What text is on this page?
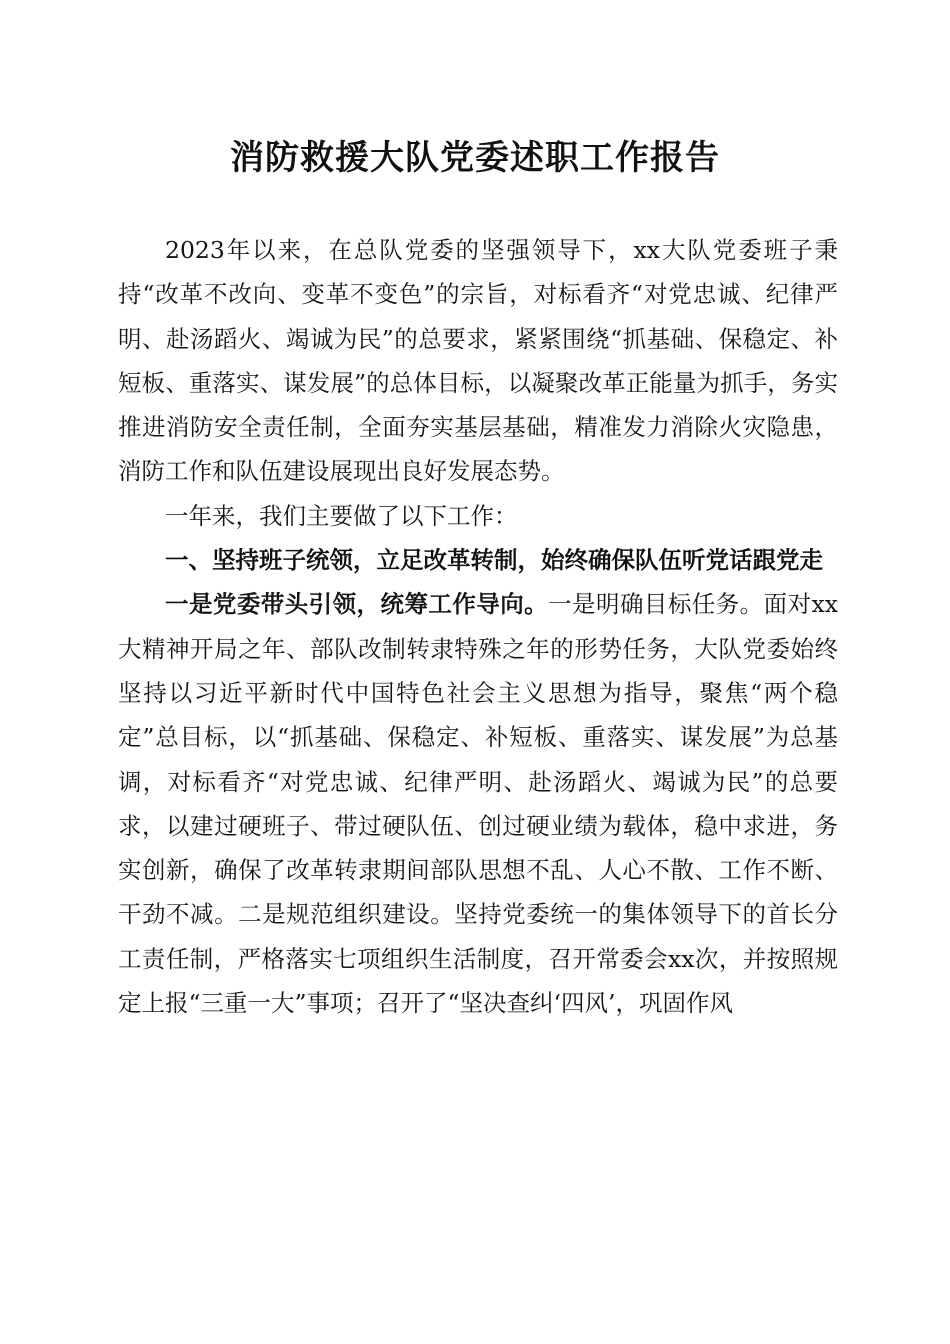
消防救援大队党委述职工作报告

2023年以来，在总队党委的坚强领导下，xx大队党委班子秉持“改革不改向、变革不变色”的宗旨，对标看齐“对党忠诚、纪律严明、赴汤蹈火、竭诚为民”的总要求，紧紧围绕“抓基础、保稳定、补短板、重落实、谋发展”的总体目标，以凝聚改革正能量为抓手，务实推进消防安全责任制，全面夯实基层基础，精准发力消除火灾隐患，消防工作和队伍建设展现出良好发展态势。

一年来，我们主要做了以下工作：

一、坚持班子统领，立足改革转制，始终确保队伍听党话跟党走

一是党委带头引领，统筹工作导向。一是明确目标任务。面对xx大精神开局之年、部队改制转隶特殊之年的形势任务，大队党委始终坚持以习近平新时代中国特色社会主义思想为指导，聚焦“两个稳定”总目标，以“抓基础、保稳定、补短板、重落实、谋发展”为总基调，对标看齐“对党忠诚、纪律严明、赴汤蹈火、竭诚为民”的总要求，以建过硬班子、带过硬队伍、创过硬业绩为载体，稳中求进，务实创新，确保了改革转隶期间部队思想不乱、人心不散、工作不断、干劲不减。二是规范组织建设。坚持党委统一的集体领导下的首长分工责任制，严格落实七项组织生活制度，召开常委会xx次，并按照规定上报“三重一大”事项；召开了“坚决查纠‘四风’，巩固作风
